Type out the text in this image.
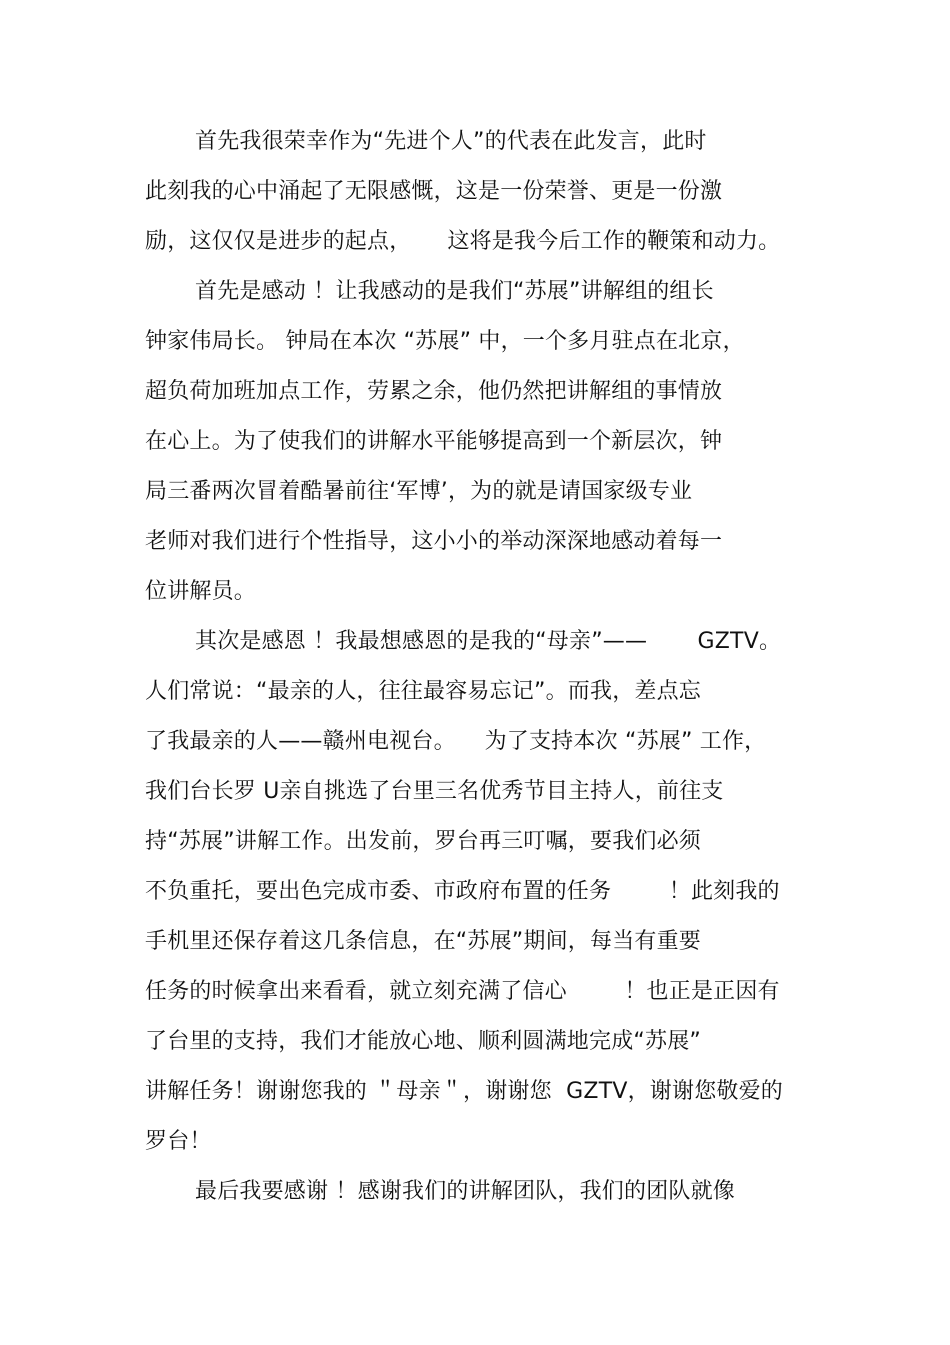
首先我很荣幸作为“先进个人”的代表在此发言，此时
此刻我的心中涌起了无限感慨，这是一份荣誉、更是一份激
励，这仅仅是进步的起点，     这将是我今后工作的鞭策和动力。
首先是感动 ！让我感动的是我们“苏展”讲解组的组长
钟家伟局长。 钟局在本次 “苏展” 中，一个多月驻点在北京，
超负荷加班加点工作，劳累之余，他仍然把讲解组的事情放
在心上。为了使我们的讲解水平能够提高到一个新层次，钟
局三番两次冒着酷暑前往‘军博’，为的就是请国家级专业
老师对我们进行个性指导，这小小的举动深深地感动着每一
位讲解员。
其次是感恩 ！我最想感恩的是我的“母亲”——       GZTV。
人们常说：“最亲的人，往往最容易忘记”。而我，差点忘
了我最亲的人——赣州电视台。    为了支持本次 “苏展” 工作，
我们台长罗 U亲自挑选了台里三名优秀节目主持人，前往支
持“苏展”讲解工作。出发前，罗台再三叮嘱，要我们必须
不负重托，要出色完成市委、市政府布置的任务        ！此刻我的
手机里还保存着这几条信息，在“苏展”期间，每当有重要
任务的时候拿出来看看，就立刻充满了信心        ！也正是正因有
了台里的支持，我们才能放心地、顺利圆满地完成“苏展”
讲解任务！谢谢您我的 ＂母亲＂，谢谢您  GZTV，谢谢您敬爱的
罗台！
最后我要感谢 ！感谢我们的讲解团队，我们的团队就像
